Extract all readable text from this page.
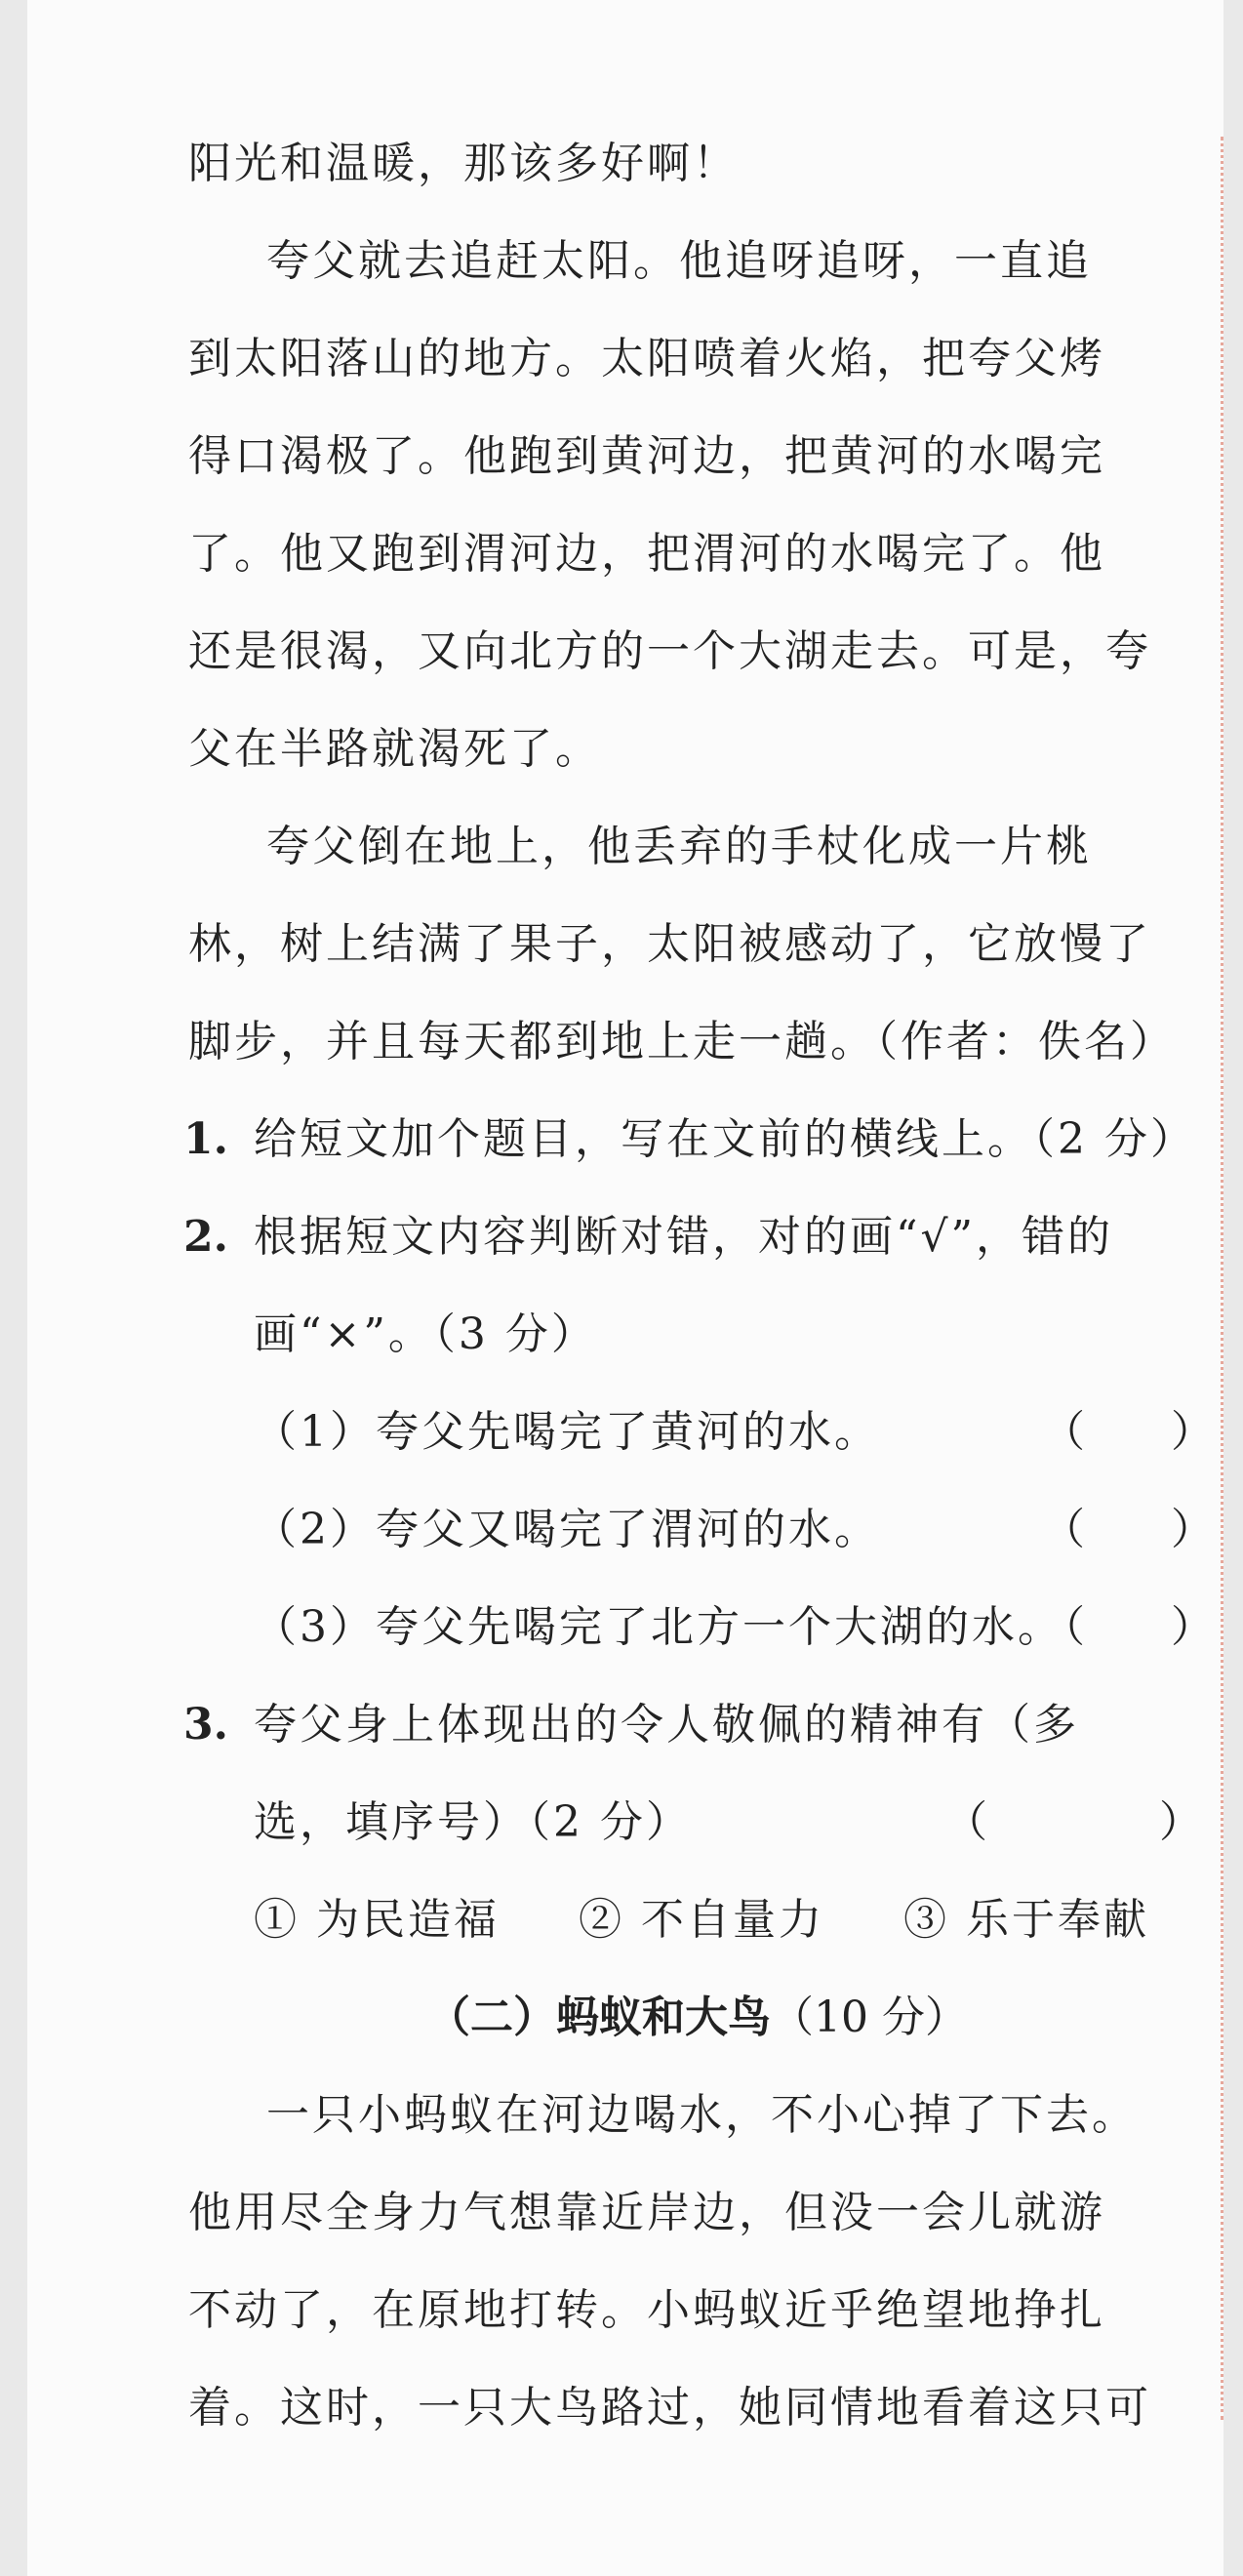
阳光和温暖，那该多好啊！
夸父就去追赶太阳。他追呀追呀，一直追
到太阳落山的地方。太阳喷着火焰，把夸父烤
得口渴极了。他跑到黄河边，把黄河的水喝完
了。他又跑到渭河边，把渭河的水喝完了。他
还是很渴，又向北方的一个大湖走去。可是，夸
父在半路就渴死了。
夸父倒在地上，他丢弃的手杖化成一片桃
林，树上结满了果子，太阳被感动了，它放慢了
脚步，并且每天都到地上走一趟。（作者：佚名）
1. 给短文加个题目，写在文前的横线上。（2 分）
2. 根据短文内容判断对错，对的画“√”，错的
画“×”。（3 分）
（1）夸父先喝完了黄河的水。	（　　）
（2）夸父又喝完了渭河的水。	（　　）
（3）夸父先喝完了北方一个大湖的水。
（　　）
3. 夸父身上体现出的令人敬佩的精神有（多
选，填序号）（2 分）	（　　　　）
① 为民造福 ② 不自量力 ③ 乐于奉献
（二）蚂蚁和大鸟（10 分）
一只小蚂蚁在河边喝水，不小心掉了下去。
他用尽全身力气想靠近岸边，但没一会儿就游
不动了，在原地打转。小蚂蚁近乎绝望地挣扎
着。这时，一只大鸟路过，她同情地看着这只可
